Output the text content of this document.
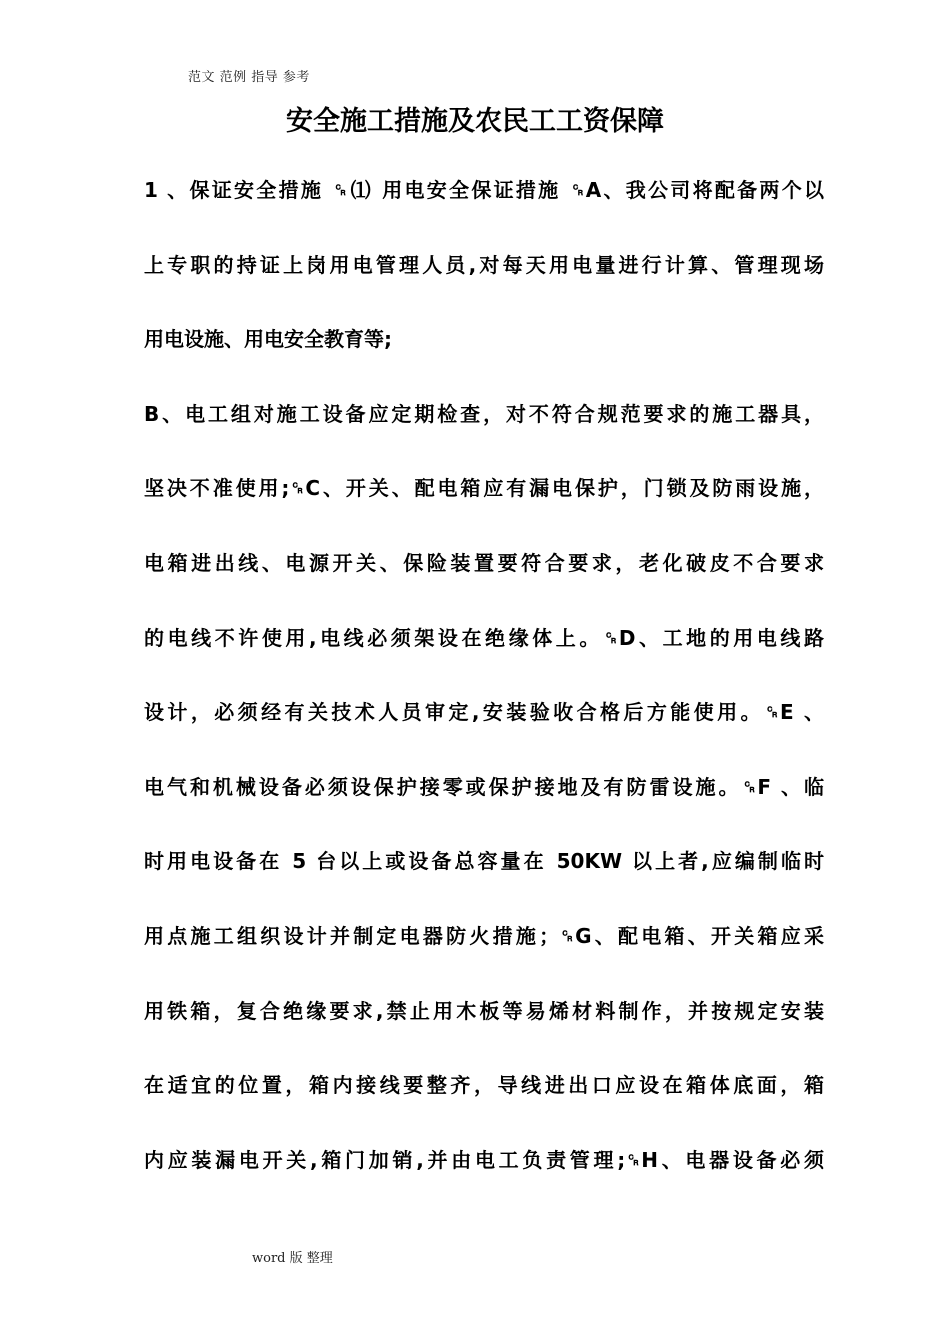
范文 范例 指导 参考
安全施工措施及农民工工资保障
1 、保证安全措施 ␍⑴ 用电安全保证措施 ␍A、我公司将配备两个以
上专职的持证上岗用电管理人员,对每天用电量进行计算、管理现场
用电设施、用电安全教育等;
B、电工组对施工设备应定期检查，对不符合规范要求的施工器具，
坚决不准使用;␍C、开关、配电箱应有漏电保护，门锁及防雨设施，
电箱进出线、电源开关、保险装置要符合要求，老化破皮不合要求
的电线不许使用,电线必须架设在绝缘体上。␍D、工地的用电线路
设计，必须经有关技术人员审定,安装验收合格后方能使用。␍E 、
电气和机械设备必须设保护接零或保护接地及有防雷设施。␍F 、临
时用电设备在 5 台以上或设备总容量在 50KW 以上者,应编制临时
用点施工组织设计并制定电器防火措施；␍G、配电箱、开关箱应采
用铁箱，复合绝缘要求,禁止用木板等易烯材料制作，并按规定安装
在适宜的位置，箱内接线要整齐，导线进出口应设在箱体底面，箱
内应装漏电开关,箱门加销,并由电工负责管理;␍H、电器设备必须
word 版 整理
